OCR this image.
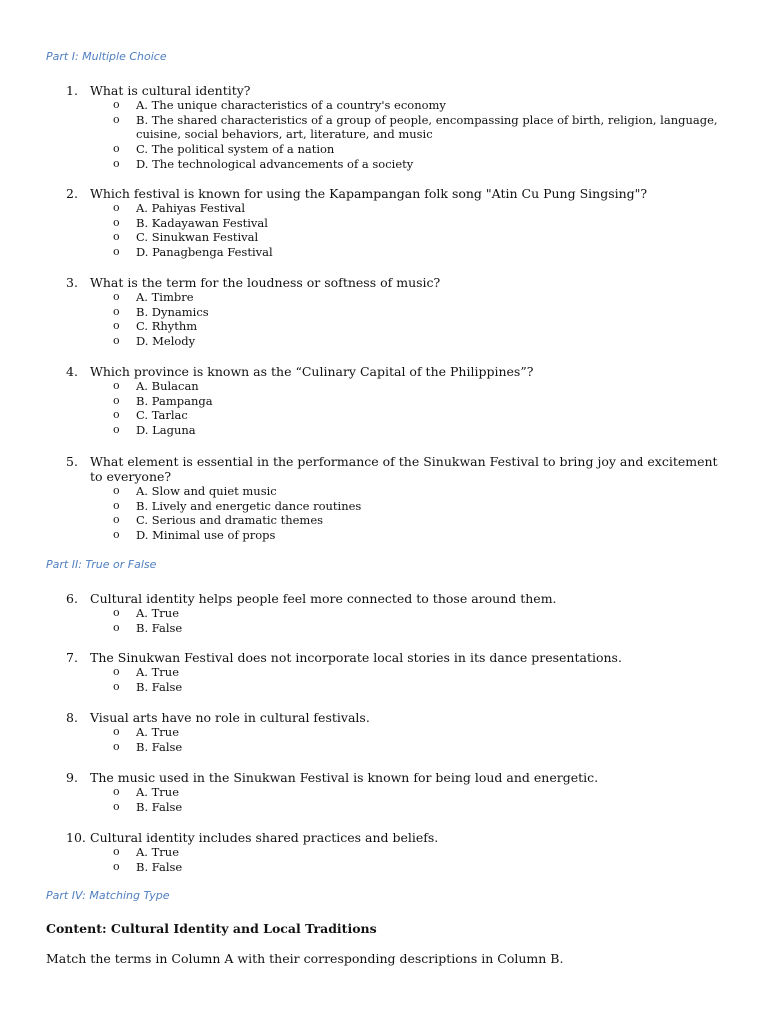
Part I: Multiple Choice
1. What is cultural identity?
o A. The unique characteristics of a country's economy
o B. The shared characteristics of a group of people, encompassing place of birth, religion, language, cuisine, social behaviors, art, literature, and music
o C. The political system of a nation
o D. The technological advancements of a society
2. Which festival is known for using the Kapampangan folk song "Atin Cu Pung Singsing"?
o A. Pahiyas Festival
o B. Kadayawan Festival
o C. Sinukwan Festival
o D. Panagbenga Festival
3. What is the term for the loudness or softness of music?
o A. Timbre
o B. Dynamics
o C. Rhythm
o D. Melody
4. Which province is known as the “Culinary Capital of the Philippines”?
o A. Bulacan
o B. Pampanga
o C. Tarlac
o D. Laguna
5. What element is essential in the performance of the Sinukwan Festival to bring joy and excitement to everyone?
o A. Slow and quiet music
o B. Lively and energetic dance routines
o C. Serious and dramatic themes
o D. Minimal use of props
Part II: True or False
6. Cultural identity helps people feel more connected to those around them.
o A. True
o B. False
7. The Sinukwan Festival does not incorporate local stories in its dance presentations.
o A. True
o B. False
8. Visual arts have no role in cultural festivals.
o A. True
o B. False
9. The music used in the Sinukwan Festival is known for being loud and energetic.
o A. True
o B. False
10. Cultural identity includes shared practices and beliefs.
o A. True
o B. False
Part IV: Matching Type
Content: Cultural Identity and Local Traditions
Match the terms in Column A with their corresponding descriptions in Column B.
